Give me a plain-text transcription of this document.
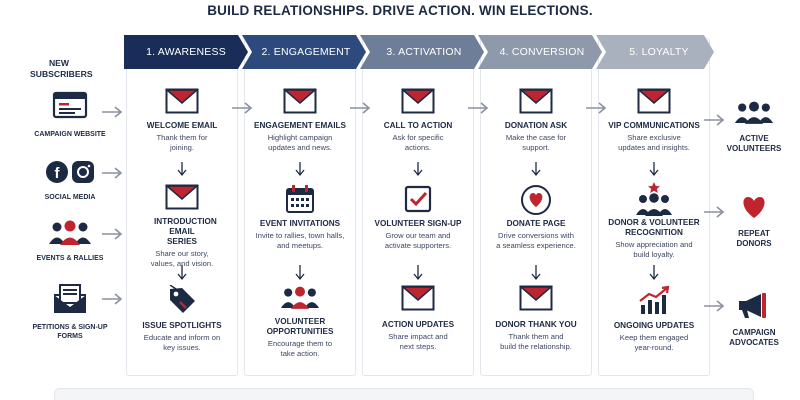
BUILD RELATIONSHIPS. DRIVE ACTION. WIN ELECTIONS.
NEW SUBSCRIBERS
CAMPAIGN WEBSITE
f
SOCIAL MEDIA
EVENTS & RALLIES
PETITIONS & SIGN-UP FORMS
1. AWARENESS	2. ENGAGEMENT	3. ACTIVATION	4. CONVERSION	5. LOYALTY
WELCOME EMAIL
Thank them for joining.
INTRODUCTION EMAIL SERIES
Share our story, values, and vision.
ISSUE SPOTLIGHTS
Educate and inform on key issues.
ENGAGEMENT EMAILS
Highlight campaign updates and news.
EVENT INVITATIONS
Invite to rallies, town halls, and meetups.
VOLUNTEER OPPORTUNITIES
Encourage them to take action.
CALL TO ACTION
Ask for specific actions.
VOLUNTEER SIGN-UP
Grow our team and activate supporters.
ACTION UPDATES
Share impact and next steps.
DONATION ASK
Make the case for support.
DONATE PAGE
Drive conversions with a seamless experience.
DONOR THANK YOU
Thank them and build the relationship.
VIP COMMUNICATIONS
Share exclusive updates and insights.
DONOR & VOLUNTEER RECOGNITION
Show appreciation and build loyalty.
ONGOING UPDATES
Keep them engaged year-round.
ACTIVE VOLUNTEERS
REPEAT DONORS
CAMPAIGN ADVOCATES
